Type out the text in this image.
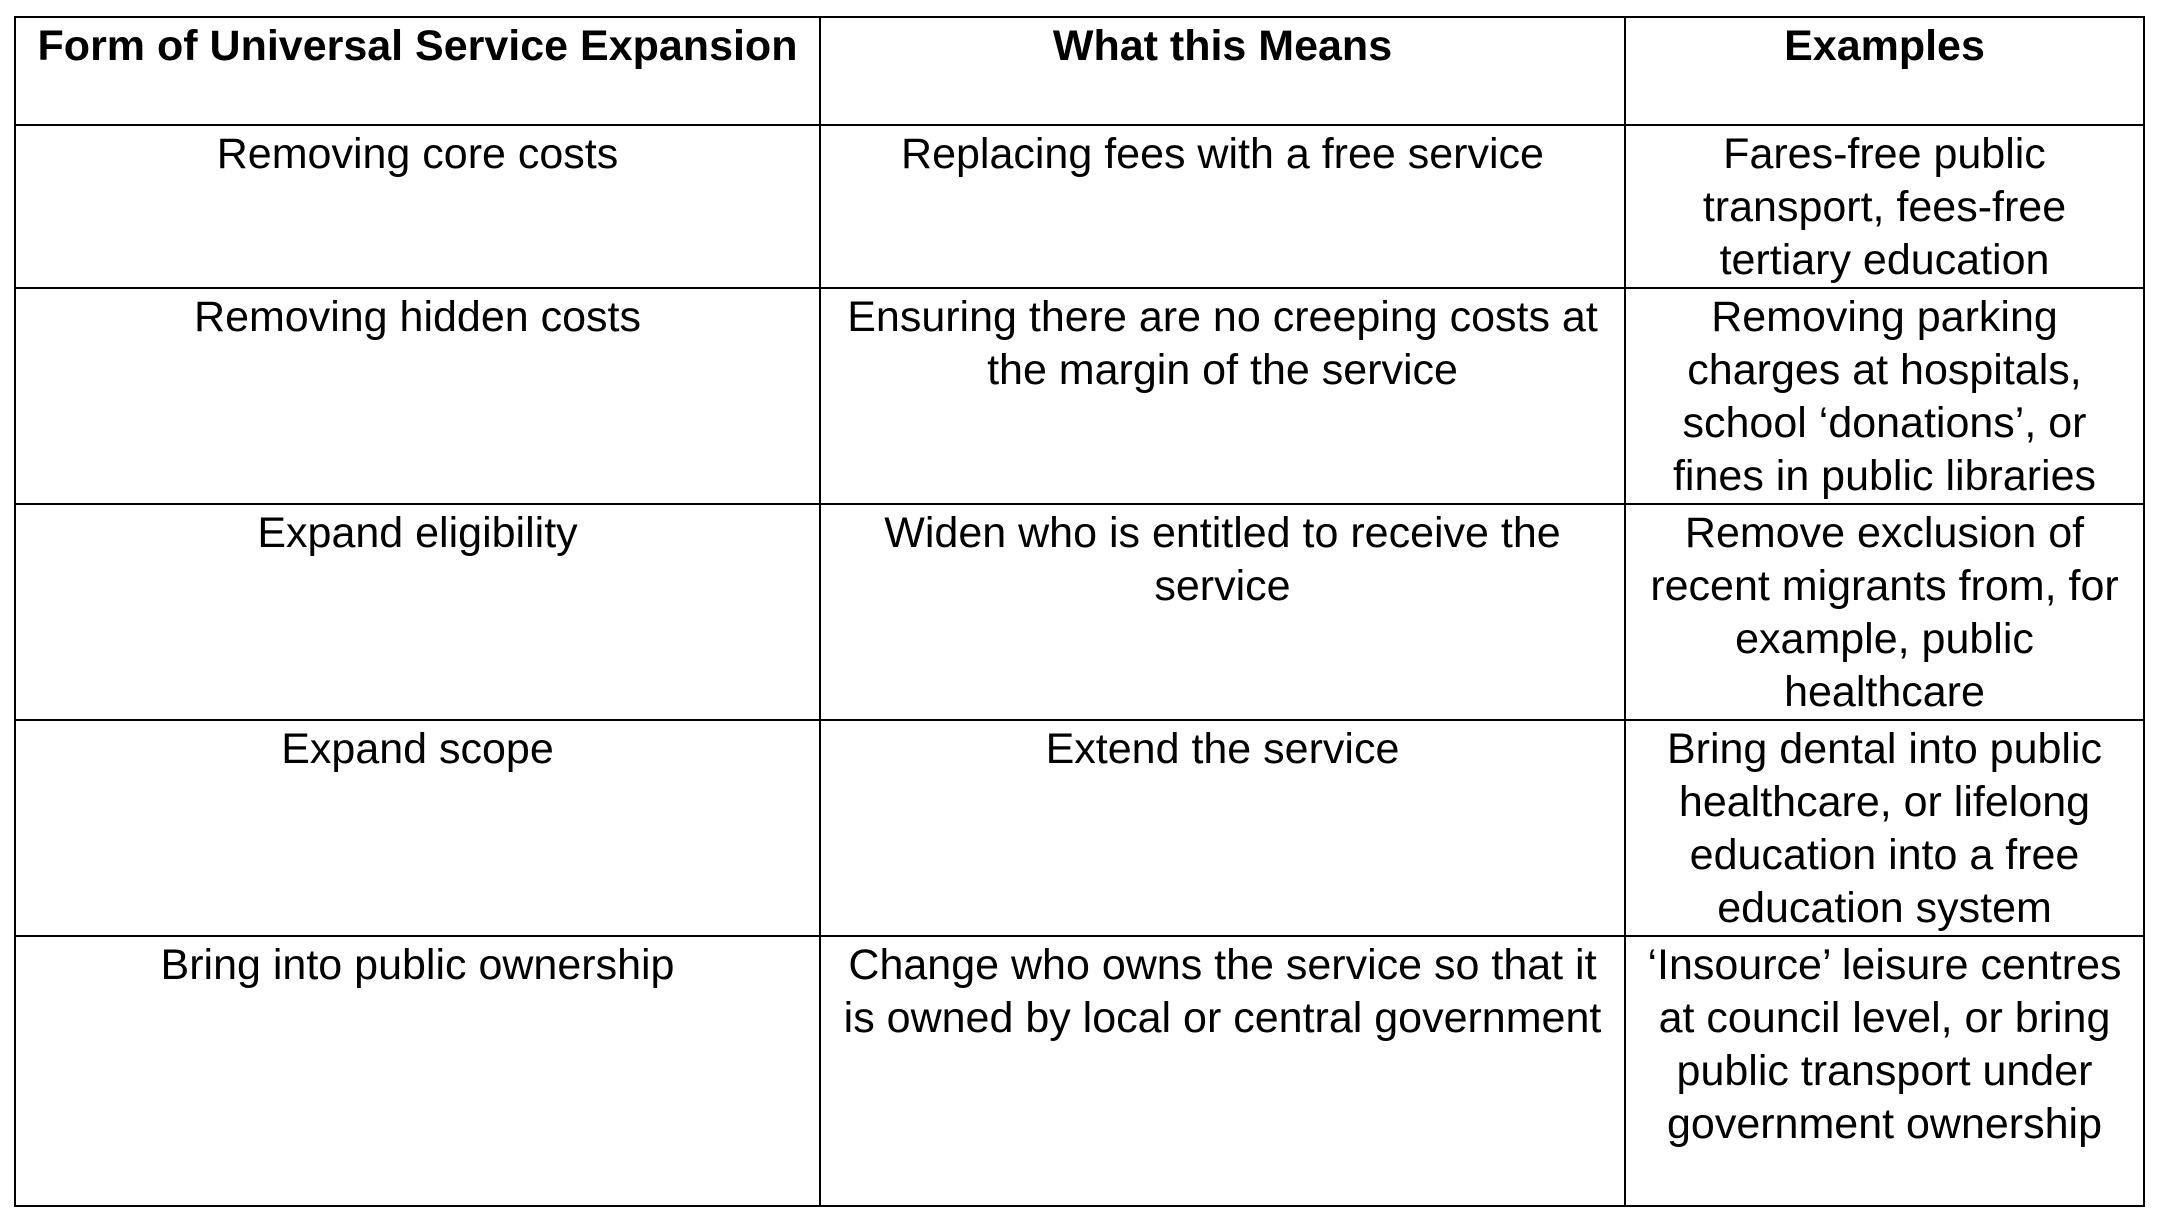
Form of Universal Service Expansion	What this Means	Examples
Removing core costs	Replacing fees with a free service	Fares-free public transport, fees-free tertiary education
Removing hidden costs	Ensuring there are no creeping costs at the margin of the service	Removing parking charges at hospitals, school ‘donations’, or fines in public libraries
Expand eligibility	Widen who is entitled to receive the service	Remove exclusion of recent migrants from, for example, public healthcare
Expand scope	Extend the service	Bring dental into public healthcare, or lifelong education into a free education system
Bring into public ownership	Change who owns the service so that it is owned by local or central government	‘Insource’ leisure centres at council level, or bring public transport under government ownership
